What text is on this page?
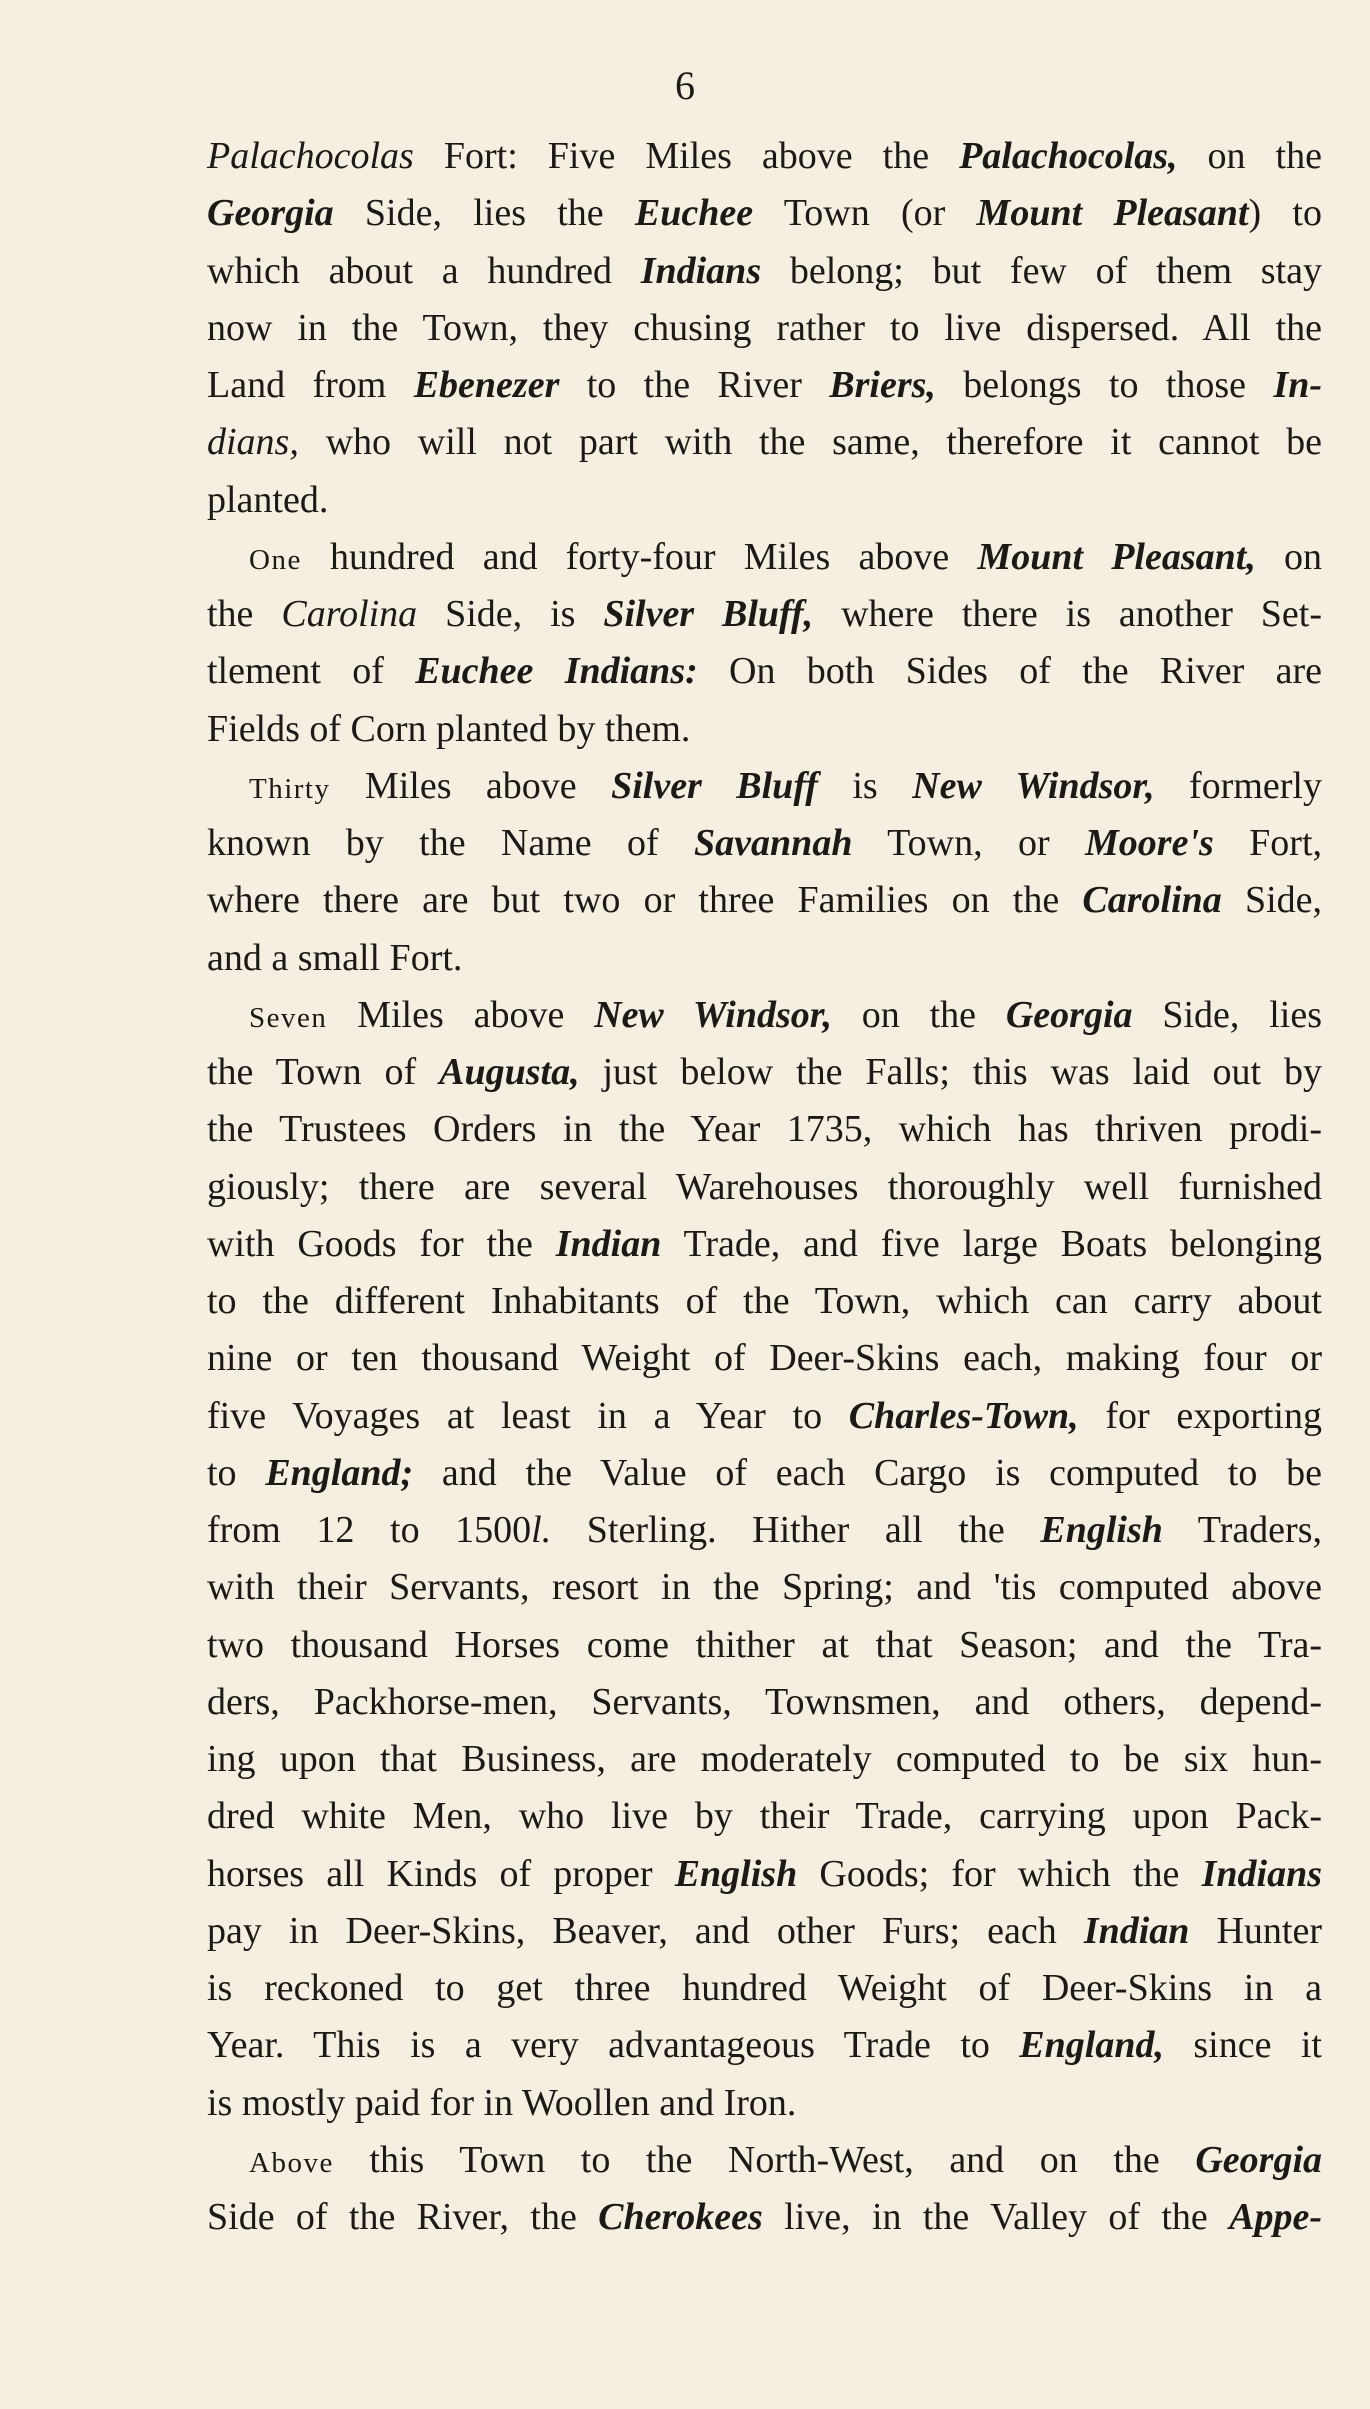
6
Palachocolas Fort: Five Miles above the Palachocolas, on the
Georgia Side, lies the Euchee Town (or Mount Pleasant) to
which about a hundred Indians belong; but few of them stay
now in the Town, they chusing rather to live dispersed. All the
Land from Ebenezer to the River Briers, belongs to those In-
dians, who will not part with the same, therefore it cannot be
planted.
One hundred and forty-four Miles above Mount Pleasant, on
the Carolina Side, is Silver Bluff, where there is another Set-
tlement of Euchee Indians: On both Sides of the River are
Fields of Corn planted by them.
Thirty Miles above Silver Bluff is New Windsor, formerly
known by the Name of Savannah Town, or Moore's Fort,
where there are but two or three Families on the Carolina Side,
and a small Fort.
Seven Miles above New Windsor, on the Georgia Side, lies
the Town of Augusta, just below the Falls; this was laid out by
the Trustees Orders in the Year 1735, which has thriven prodi-
giously; there are several Warehouses thoroughly well furnished
with Goods for the Indian Trade, and five large Boats belonging
to the different Inhabitants of the Town, which can carry about
nine or ten thousand Weight of Deer-Skins each, making four or
five Voyages at least in a Year to Charles-Town, for exporting
to England; and the Value of each Cargo is computed to be
from 12 to 1500l. Sterling. Hither all the English Traders,
with their Servants, resort in the Spring; and 'tis computed above
two thousand Horses come thither at that Season; and the Tra-
ders, Packhorse-men, Servants, Townsmen, and others, depend-
ing upon that Business, are moderately computed to be six hun-
dred white Men, who live by their Trade, carrying upon Pack-
horses all Kinds of proper English Goods; for which the Indians
pay in Deer-Skins, Beaver, and other Furs; each Indian Hunter
is reckoned to get three hundred Weight of Deer-Skins in a
Year. This is a very advantageous Trade to England, since it
is mostly paid for in Woollen and Iron.
Above this Town to the North-West, and on the Georgia
Side of the River, the Cherokees live, in the Valley of the Appe-
